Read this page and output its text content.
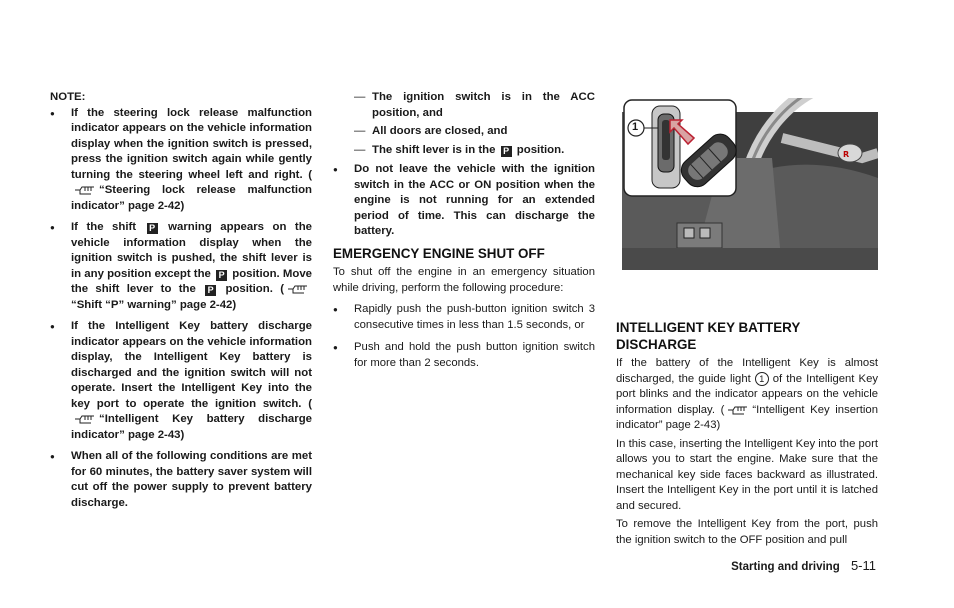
NOTE:
● If the steering lock release malfunction indicator appears on the vehicle information display when the ignition switch is pressed, press the ignition switch again while gently turning the steering wheel left and right. (“Steering lock release malfunction indicator” page 2-42)
● If the shift P warning appears on the vehicle information display when the ignition switch is pushed, the shift lever is in any position except the P position. Move the shift lever to the P position. (“Shift “P” warning” page 2-42)
● If the Intelligent Key battery discharge indicator appears on the vehicle information display, the Intelligent Key battery is discharged and the ignition switch will not operate. Insert the Intelligent Key into the key port to operate the ignition switch. (“Intelligent Key battery discharge indicator” page 2-43)
● When all of the following conditions are met for 60 minutes, the battery saver system will cut off the power supply to prevent battery discharge.
— The ignition switch is in the ACC position, and
— All doors are closed, and
— The shift lever is in the P position.
● Do not leave the vehicle with the ignition switch in the ACC or ON position when the engine is not running for an extended period of time. This can discharge the battery.
EMERGENCY ENGINE SHUT OFF

To shut off the engine in an emergency situation while driving, perform the following procedure:

● Rapidly push the push-button ignition switch 3 consecutive times in less than 1.5 seconds, or
● Push and hold the push button ignition switch for more than 2 seconds.
R
1
INTELLIGENT KEY BATTERY DISCHARGE

If the battery of the Intelligent Key is almost discharged, the guide light 1 of the Intelligent Key port blinks and the indicator appears on the vehicle information display. ( “Intelligent Key insertion indicator” page 2-43)

In this case, inserting the Intelligent Key into the port allows you to start the engine. Make sure that the mechanical key side faces backward as illustrated. Insert the Intelligent Key in the port until it is latched and secured.

To remove the Intelligent Key from the port, push the ignition switch to the OFF position and pull

Starting and driving 5-11
